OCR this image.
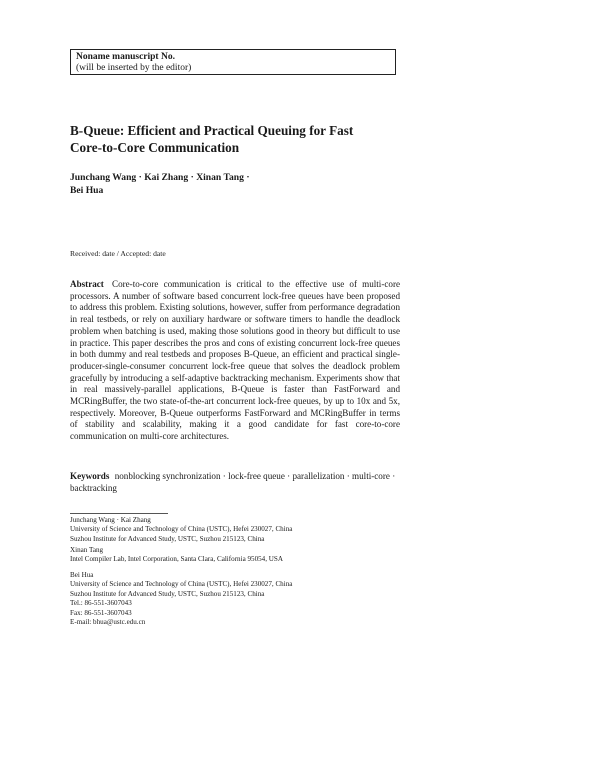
Noname manuscript No.
(will be inserted by the editor)
B-Queue: Efficient and Practical Queuing for Fast
Core-to-Core Communication
Junchang Wang · Kai Zhang · Xinan Tang ·
Bei Hua
Received: date / Accepted: date

Abstract Core-to-core communication is critical to the effective use of multi-core processors. A number of software based concurrent lock-free queues have been proposed to address this problem. Existing solutions, however, suffer from performance degradation in real testbeds, or rely on auxiliary hardware or software timers to handle the deadlock problem when batching is used, making those solutions good in theory but difficult to use in practice. This paper describes the pros and cons of existing concurrent lock-free queues in both dummy and real testbeds and proposes B-Queue, an efficient and practical single-producer-single-consumer concurrent lock-free queue that solves the deadlock problem gracefully by introducing a self-adaptive backtracking mechanism. Experiments show that in real massively-parallel applications, B-Queue is faster than FastForward and MCRingBuffer, the two state-of-the-art concurrent lock-free queues, by up to 10x and 5x, respectively. Moreover, B-Queue outperforms FastForward and MCRingBuffer in terms of stability and scalability, making it a good candidate for fast core-to-core communication on multi-core architectures.

Keywords nonblocking synchronization · lock-free queue · parallelization · multi-core · backtracking

Junchang Wang · Kai Zhang
University of Science and Technology of China (USTC), Hefei 230027, China
Suzhou Institute for Advanced Study, USTC, Suzhou 215123, China
Xinan Tang
Intel Compiler Lab, Intel Corporation, Santa Clara, California 95054, USA
Bei Hua
University of Science and Technology of China (USTC), Hefei 230027, China
Suzhou Institute for Advanced Study, USTC, Suzhou 215123, China
Tel.: 86-551-3607043
Fax: 86-551-3607043
E-mail: bhua@ustc.edu.cn
